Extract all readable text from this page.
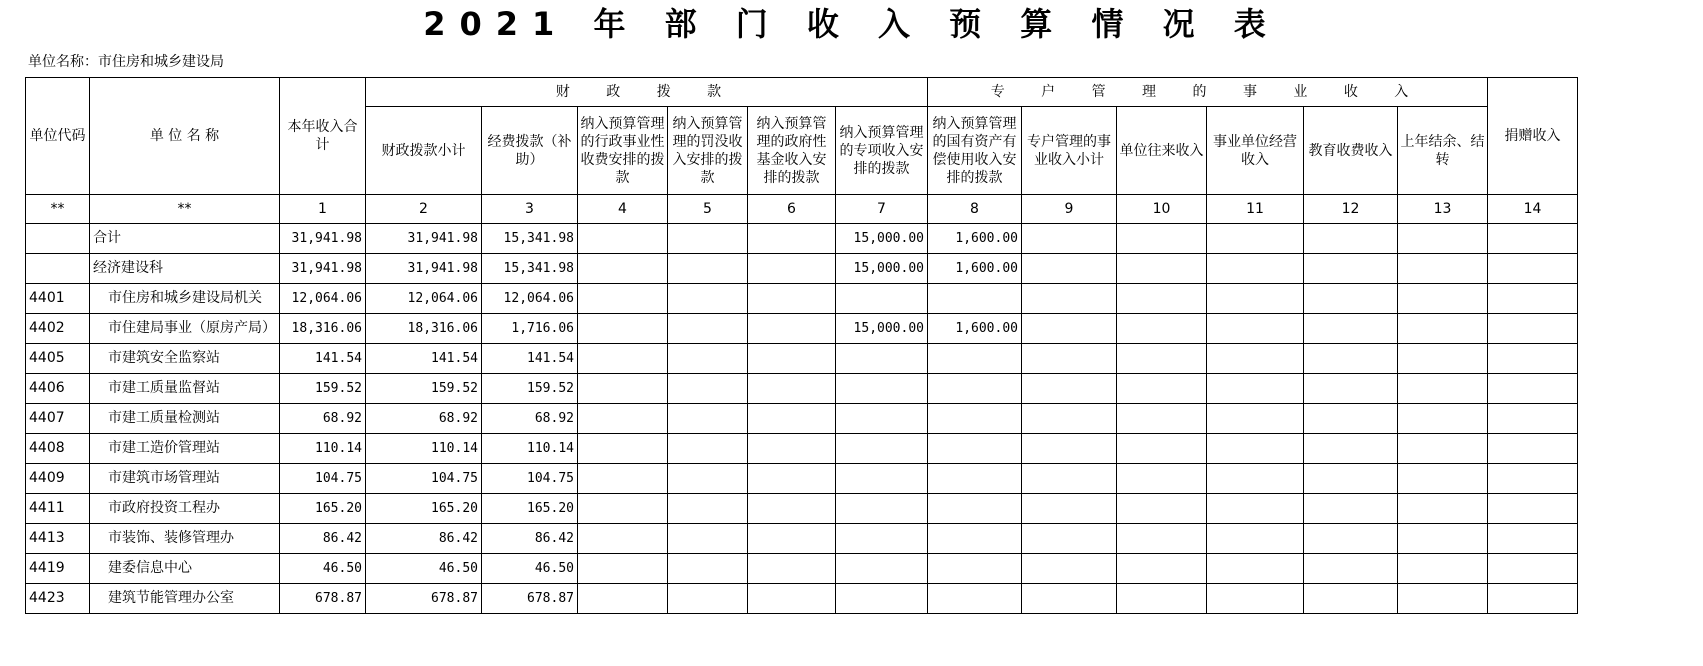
2021 年 部 门 收 入 预 算 情 况 表
单位名称：市住房和城乡建设局
单位代码	单 位 名 称	本年收入合计	财 政 拨 款						专 户 管 理 的 事 业 收 入						捐赠收入
			财政拨款小计	经费拨款（补助）	纳入预算管理的行政事业性收费安排的拨款	纳入预算管理的罚没收入安排的拨款	纳入预算管理的政府性基金收入安排的拨款	纳入预算管理的专项收入安排的拨款	纳入预算管理的国有资产有偿使用收入安排的拨款	专户管理的事业收入小计	单位往来收入	事业单位经营收入	教育收费收入	上年结余、结转	
**	**	1	2	3	4	5	6	7	8	9	10	11	12	13	14
	合计	31,941.98	31,941.98	15,341.98				15,000.00	1,600.00						
	经济建设科	31,941.98	31,941.98	15,341.98				15,000.00	1,600.00						
4401	市住房和城乡建设局机关	12,064.06	12,064.06	12,064.06											
4402	市住建局事业（原房产局）	18,316.06	18,316.06	1,716.06				15,000.00	1,600.00						
4405	市建筑安全监察站	141.54	141.54	141.54											
4406	市建工质量监督站	159.52	159.52	159.52											
4407	市建工质量检测站	68.92	68.92	68.92											
4408	市建工造价管理站	110.14	110.14	110.14											
4409	市建筑市场管理站	104.75	104.75	104.75											
4411	市政府投资工程办	165.20	165.20	165.20											
4413	市装饰、装修管理办	86.42	86.42	86.42											
4419	建委信息中心	46.50	46.50	46.50											
4423	建筑节能管理办公室	678.87	678.87	678.87											
